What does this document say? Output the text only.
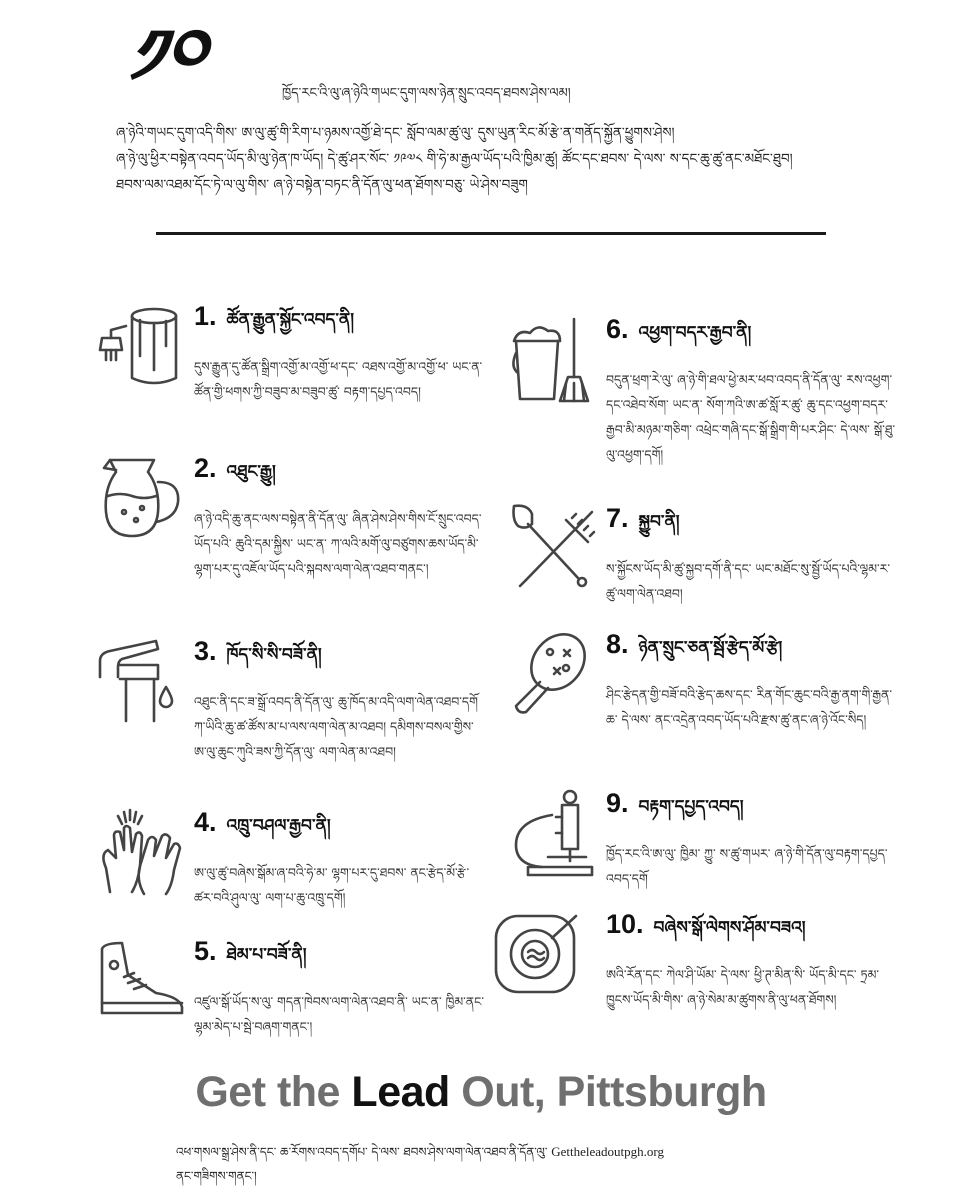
༡༠	ཁྱོད་རང་འི་ལུ་ཞ་ཉེའི་གཡང་དུག་ལས་ཉེན་སྲུང་འབད་ཐབས་ཤེས་ལམ།
ཞ་ཉེའི་གཡང་དུག་འདི་གིས་ ཨ་ལུ་ཚུ་གི་རིག་པ་ཉམས་འགྱོ་ཐེ་དང་ སློབ་ལམ་ཚུ་ལུ་ དུས་ཡུན་རིང་མོ་རྩེ་ན་གནོད་སྐྱོན་ཕྱུགས་ཤེས།
ཞ་ཉེ་ལུ་ཕྱིར་བསྟེན་འབད་ཡོད་མི་ལུ་ཉེན་ཁ་ཡོད། དེ་ཚུ་ཤར་སོང་ ༡༩༧༨ གི་ཧེ་མ་རྒྱལ་ཡོད་པའི་ཁྱིམ་ཚུ། ཚོང་དང་ཐབས་ དེ་ལས་ ས་དང་ཆུ་ཚུ་ནང་མཐོང་ཐུབ།
ཐབས་ལམ་འཐམ་དོང་ཏེ་ལ་ལུ་གིས་ ཞ་ཉེ་བསྟེན་བཏང་ནི་དོན་ལུ་ཕན་ཐོགས་བཅུ་ ཡེ་ཤེས་བཟུག
1. ཚོན་རྒྱུན་སྐྱོང་འབད་ནི།
དུས་རྒྱུན་དུ་ཚོན་སྒྲིག་འགྱོ་མ་འགྱོ་ཕ་དང་ འཐས་འགྱོ་མ་འགྱོ་ཕ་ ཡང་ན་ ཚོན་གྱི་ཕགས་ཀྱི་བཟུབ་མ་བཟུབ་ཚུ་ བརྟག་དཔྱད་འབད།
2. འཐུང་རྒྱུ།
ཞ་ཉེ་འདི་ཆུ་ནང་ལས་བསྟེན་ནི་དོན་ལུ་ ཞིན་ཤེས་ཤེས་གིས་ངོ་སྲུང་འབད་ཡོད་པའི་ ཆུའི་དམ་སྐྱིས་ ཡང་ན་ ཀ་ལའི་མགོ་ལུ་བཙུགས་ཆས་ཡོད་མི་ ལྷག་པར་དུ་འཇོལ་ཡོད་པའི་སྐབས་ལག་ལེན་འཐབ་གནང་།
3. ཁོད་སི་སི་བཟོ་ནི།
འཐུང་ནི་དང་ཟ་སྒྲོ་འབད་ནི་དོན་ལུ་ ཆུ་ཁོད་མ་འདི་ལག་ལེན་འཐབ་དགོ ཀ་ཡིའི་ཆུ་ཚ་ཚོས་མ་པ་ལས་ལག་ལེན་མ་འཐབ། དམིགས་བསལ་གྱིས་ཨ་ལུ་ཆུང་ཀུའི་ཟས་ཀྱི་དོན་ལུ་ ལག་ལེན་མ་འཐབ།
4. འཁྲུ་བཤལ་རྒྱབ་ནི།
ཨ་ལུ་ཚུ་བཞེས་སྒོམ་ཞ་བའི་ཧེ་མ་ ལྷག་པར་དུ་ཐབས་ ནང་རྩེད་མོ་རྩེ་ཚར་བའི་ཤུལ་ལུ་ ལག་པ་ཆུ་འཁྲུ་དགོ།
5. ཐེམ་པ་བཟོ་ནི།
འཛུལ་སྒོ་ཡོད་ས་ལུ་ གདན་ཁེབས་ལག་ལེན་འཐབ་ནི་ ཡང་ན་ ཁྱིམ་ནང་ལྷམ་མེད་པ་སྦེ་བཞག་གནང་།
6. འཕྱག་བདར་རྒྱབ་ནི།
བདུན་ཕྲག་རེ་ལུ་ ཞ་ཉེ་གི་ཐལ་ཕྱེ་མར་ཕབ་འབད་ནི་དོན་ལུ་ རས་འཕྱག་དང་འཐེབ་སོག་ ཡང་ན་ སོག་ཀའི་ཨ་ཚ་སློ་ར་ཚུ་ ཆུ་དང་འཕྱག་བདར་རྒྱབ་མི་མཉམ་གཅིག་ འཕྲེང་གཞི་དང་སྒོ་སྒྲིག་གི་པར་ཤིང་ དེ་ལས་ སྒོ་ཐུ་ལུ་འཕྱག་དགོ།
7. སྐྱུབ་ནི།
ས་སྐྱོངས་ཡོད་མི་ཚུ་སྐྱབ་དགོ་ནི་དང་ ཡང་མཐོང་སུ་སྦྱོ་ཡོད་པའི་ལྷམ་ར་ཚུ་ལག་ལེན་འཐབ།
8. ཉེན་སྲུང་ཅན་སྦོ་རྩེད་མོ་རྩེ།
ཤིང་རྩེདན་གྱི་བཟོ་བའི་རྩེད་ཆས་དང་ རིན་གོང་ཆུང་བའི་རྒྱ་ནག་གི་རྒྱན་ཆ་ དེ་ལས་ ནང་འདྲེན་འབད་ཡོད་པའི་རྫས་ཚུ་ནང་ཞ་ཉེ་འོང་སིད།
9. བརྟག་དཔྱད་འབད།
ཁྱོད་རང་འི་ཨ་ལུ་ ཁྱིམ་ ཀྱུ་ ས་ཚུ་གཡར་ ཞ་ཉེ་གི་དོན་ལུ་བརྟག་དཔྱད་འབད་དགོ
10. བཞེས་སྒོ་ལེགས་ཤོམ་བཟའ།
ཨའི་རོན་དང་ ཀེལ་ཤི་ཡོམ་ དེ་ལས་ ཕྱི་ཊ་མིན་སི་ ཡོད་མི་དང་ ཏྲམ་ཁྱུངས་ཡོད་མི་གིས་ ཞ་ཉེ་སེམ་མ་ཚུགས་ནི་ལུ་ཕན་ཐོགས།
Get the Lead Out, Pittsburgh
འཕ་གསལ་སྒྲ་ཤེས་ནི་དང་ ཆ་རོགས་འབད་དགོཔ་ དེ་ལས་ ཐབས་ཤེས་ལག་ལེན་འཐབ་ནི་དོན་ལུ་ Gettheleadoutpgh.org
ནང་གཟིགས་གནང་།
